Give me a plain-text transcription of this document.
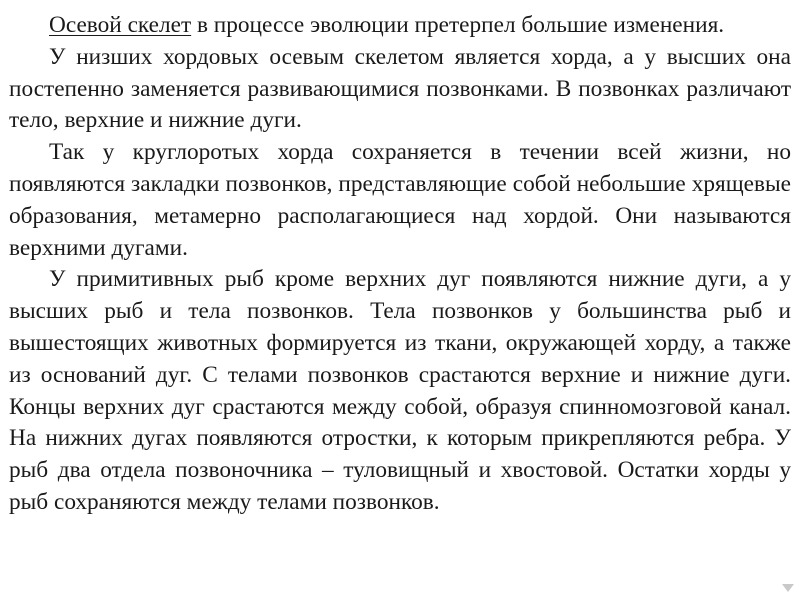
Осевой скелет в процессе эволюции претерпел большие изменения.

У низших хордовых осевым скелетом является хорда, а у высших она постепенно заменяется развивающимися позвонками. В позвонках различают тело, верхние и нижние дуги.

Так у круглоротых хорда сохраняется в течении всей жизни, но появляются закладки позвонков, представляющие собой небольшие хрящевые образования, метамерно располагающиеся над хордой. Они называются верхними дугами.

У примитивных рыб кроме верхних дуг появляются нижние дуги, а у высших рыб и тела позвонков. Тела позвонков у большинства рыб и вышестоящих животных формируется из ткани, окружающей хорду, а также из оснований дуг. С телами позвонков срастаются верхние и нижние дуги. Концы верхних дуг срастаются между собой, образуя спинномозговой канал. На нижних дугах появляются отростки, к которым прикрепляются ребра. У рыб два отдела позвоночника – туловищный и хвостовой. Остатки хорды у рыб сохраняются между телами позвонков.
